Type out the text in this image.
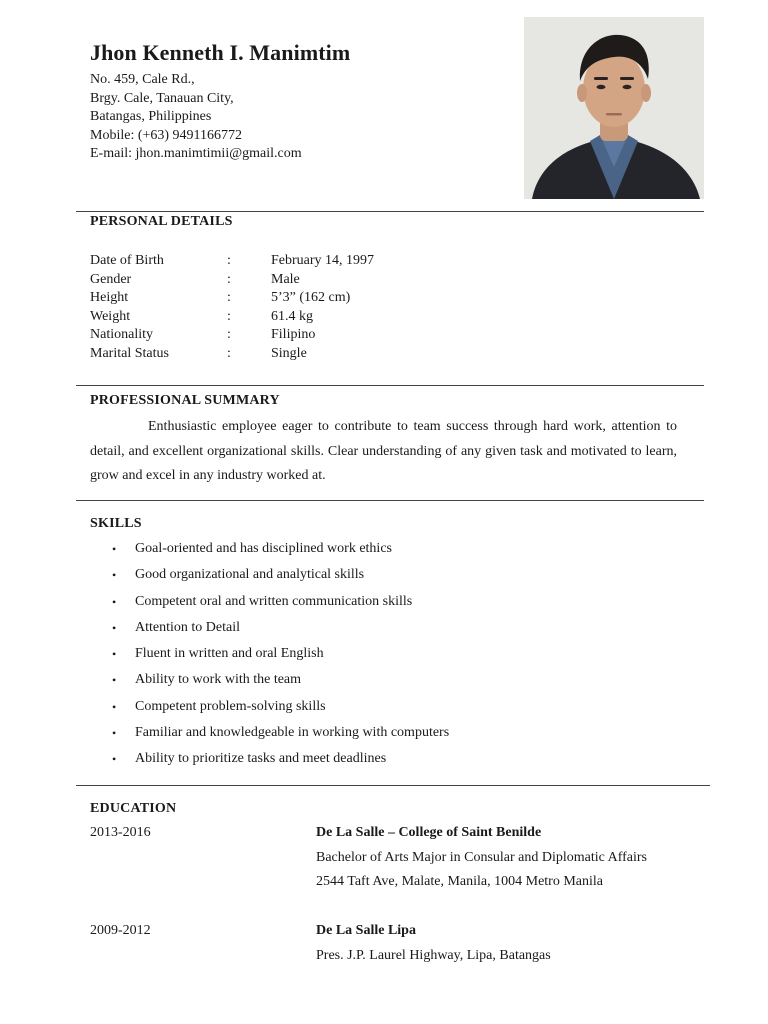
Jhon Kenneth I. Manimtim
No. 459, Cale Rd.,
Brgy. Cale, Tanauan City,
Batangas, Philippines
Mobile: (+63) 9491166772
E-mail: jhon.manimtimii@gmail.com
PERSONAL DETAILS
Date of Birth	:	February 14, 1997
Gender	:	Male
Height	:	5’3” (162 cm)
Weight	:	61.4 kg
Nationality	:	Filipino
Marital Status	:	Single
PROFESSIONAL SUMMARY
Enthusiastic employee eager to contribute to team success through hard work, attention to detail, and excellent organizational skills. Clear understanding of any given task and motivated to learn, grow and excel in any industry worked at.
SKILLS
• Goal-oriented and has disciplined work ethics
• Good organizational and analytical skills
• Competent oral and written communication skills
• Attention to Detail
• Fluent in written and oral English
• Ability to work with the team
• Competent problem-solving skills
• Familiar and knowledgeable in working with computers
• Ability to prioritize tasks and meet deadlines
EDUCATION
2013-2016	De La Salle – College of Saint Benilde
Bachelor of Arts Major in Consular and Diplomatic Affairs
2544 Taft Ave, Malate, Manila, 1004 Metro Manila
2009-2012	De La Salle Lipa
Pres. J.P. Laurel Highway, Lipa, Batangas
